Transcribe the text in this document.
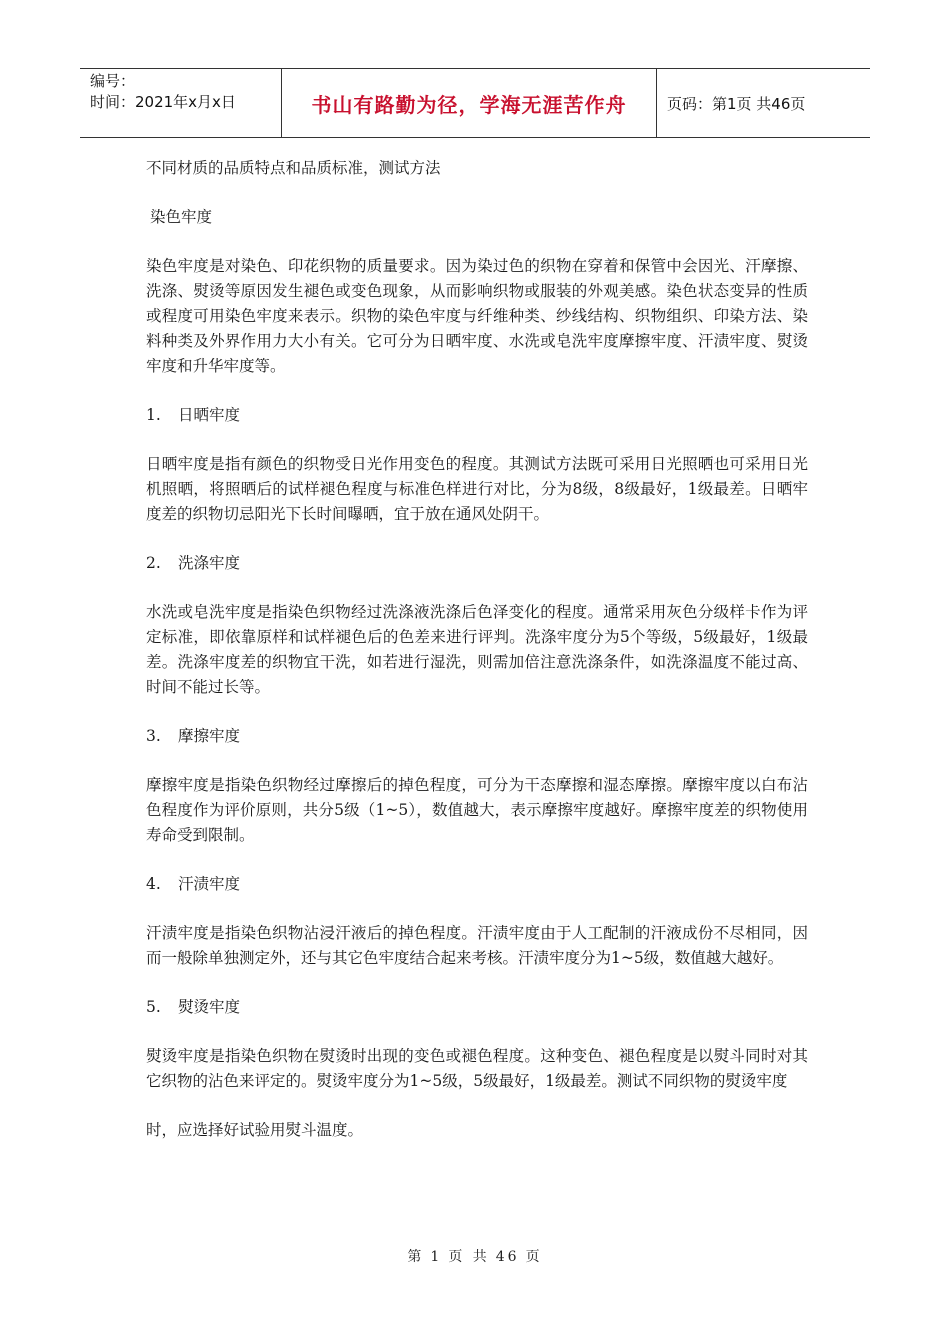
编号：
时间：2021年x月x日	书山有路勤为径，学海无涯苦作舟	页码：第1页 共46页
不同材质的品质特点和品质标准，测试方法
染色牢度

染色牢度是对染色、印花织物的质量要求。因为染过色的织物在穿着和保管中会因光、汗摩擦、洗涤、熨烫等原因发生褪色或变色现象，从而影响织物或服装的外观美感。染色状态变异的性质或程度可用染色牢度来表示。织物的染色牢度与纤维种类、纱线结构、织物组织、印染方法、染料种类及外界作用力大小有关。它可分为日晒牢度、水洗或皂洗牢度摩擦牢度、汗渍牢度、熨烫牢度和升华牢度等。

1. 日晒牢度

日晒牢度是指有颜色的织物受日光作用变色的程度。其测试方法既可采用日光照晒也可采用日光机照晒，将照晒后的试样褪色程度与标准色样进行对比，分为8级，8级最好，1级最差。日晒牢度差的织物切忌阳光下长时间曝晒，宜于放在通风处阴干。

2. 洗涤牢度

水洗或皂洗牢度是指染色织物经过洗涤液洗涤后色泽变化的程度。通常采用灰色分级样卡作为评定标准，即依靠原样和试样褪色后的色差来进行评判。洗涤牢度分为5个等级，5级最好，1级最差。洗涤牢度差的织物宜干洗，如若进行湿洗，则需加倍注意洗涤条件，如洗涤温度不能过高、时间不能过长等。

3. 摩擦牢度

摩擦牢度是指染色织物经过摩擦后的掉色程度，可分为干态摩擦和湿态摩擦。摩擦牢度以白布沾色程度作为评价原则，共分5级（1~5），数值越大，表示摩擦牢度越好。摩擦牢度差的织物使用寿命受到限制。

4. 汗渍牢度

汗渍牢度是指染色织物沾浸汗液后的掉色程度。汗渍牢度由于人工配制的汗液成份不尽相同，因而一般除单独测定外，还与其它色牢度结合起来考核。汗渍牢度分为1~5级，数值越大越好。

5. 熨烫牢度

熨烫牢度是指染色织物在熨烫时出现的变色或褪色程度。这种变色、褪色程度是以熨斗同时对其它织物的沾色来评定的。熨烫牢度分为1~5级，5级最好，1级最差。测试不同织物的熨烫牢度

时，应选择好试验用熨斗温度。

第 1 页 共 46 页
